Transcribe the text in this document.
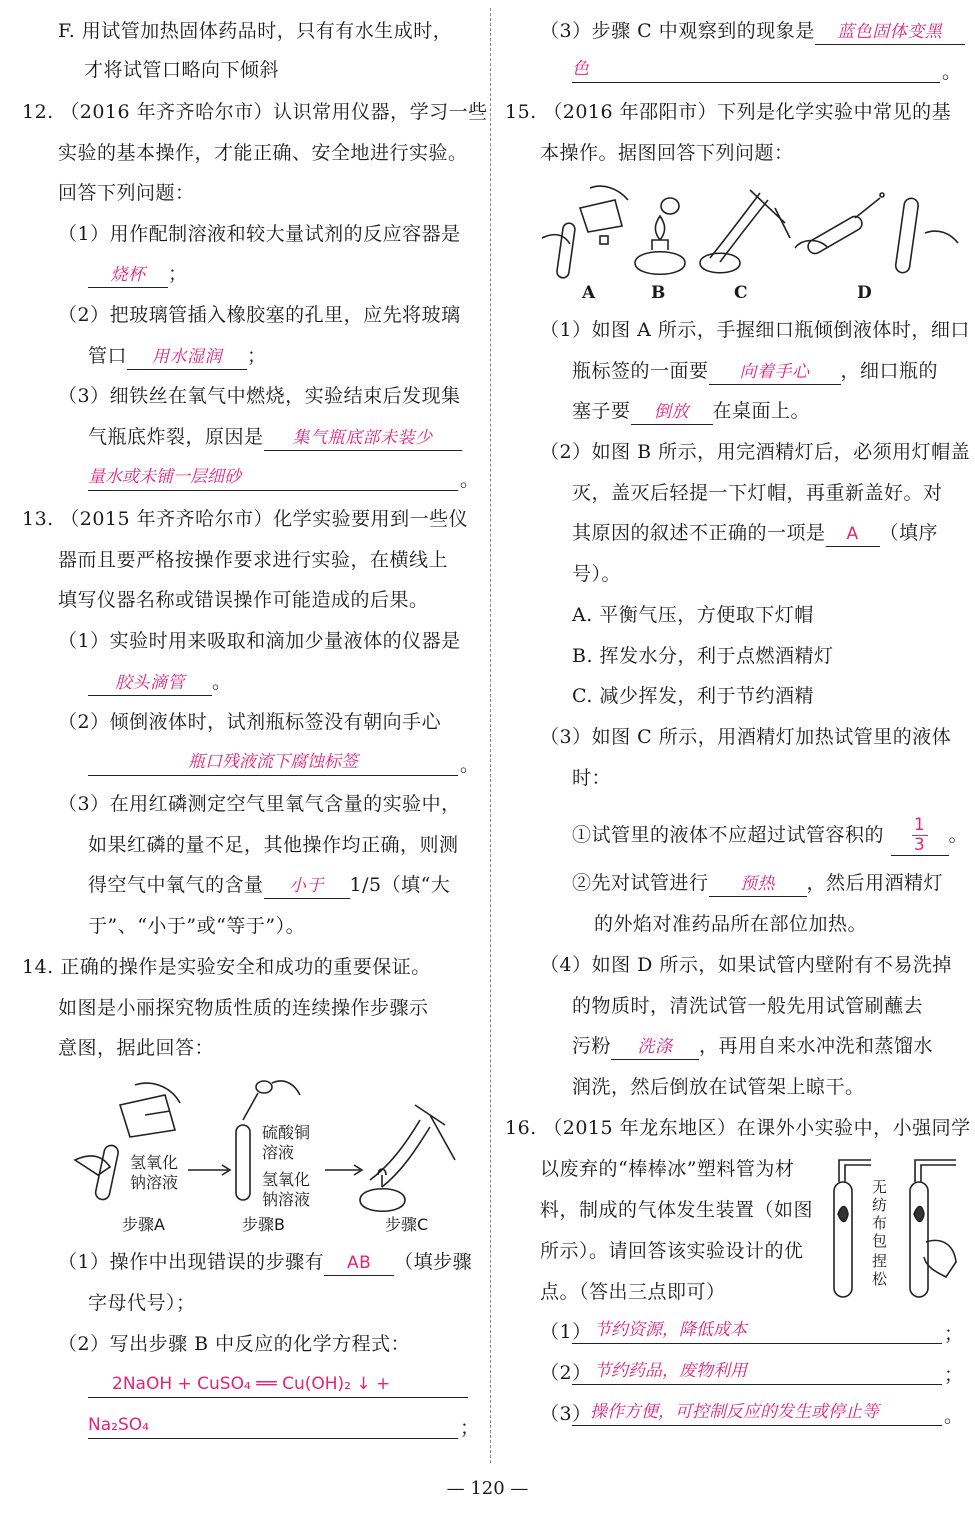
F. 用试管加热固体药品时，只有有水生成时，
才将试管口略向下倾斜
12. （2016 年齐齐哈尔市）认识常用仪器，学习一些
实验的基本操作，才能正确、安全地进行实验。
回答下列问题：
（1）用作配制溶液和较大量试剂的反应容器是
烧杯 ；
（2）把玻璃管插入橡胶塞的孔里，应先将玻璃
管口 用水湿润 ；
（3）细铁丝在氧气中燃烧，实验结束后发现集
气瓶底炸裂，原因是 集气瓶底部未装少
量水或未铺一层细砂	。
13. （2015 年齐齐哈尔市）化学实验要用到一些仪
器而且要严格按操作要求进行实验，在横线上
填写仪器名称或错误操作可能造成的后果。
（1）实验时用来吸取和滴加少量液体的仪器是
胶头滴管 。
（2）倾倒液体时，试剂瓶标签没有朝向手心
瓶口残液流下腐蚀标签	。
（3）在用红磷测定空气里氧气含量的实验中，
如果红磷的量不足，其他操作均正确，则测
得空气中氧气的含量 小于 1/5（填“大
于”、“小于”或“等于”）。
14. 正确的操作是实验安全和成功的重要保证。
如图是小丽探究物质性质的连续操作步骤示
意图，据此回答：
氢氧化
钠溶液
硫酸铜
溶液
氢氧化
钠溶液
步骤A	步骤B	步骤C
（1）操作中出现错误的步骤有 AB （填步骤
字母代号）；
（2）写出步骤 B 中反应的化学方程式：
2NaOH + CuSO₄ ══ Cu(OH)₂ ↓ +
Na₂SO₄	；
（3）步骤 C 中观察到的现象是 蓝色固体变黑
色	。
15. （2016 年邵阳市）下列是化学实验中常见的基
本操作。据图回答下列问题：
A	B	C	D
（1）如图 A 所示，手握细口瓶倾倒液体时，细口
瓶标签的一面要 向着手心 ，细口瓶的
塞子要 倒放 在桌面上。
（2）如图 B 所示，用完酒精灯后，必须用灯帽盖
灭，盖灭后轻提一下灯帽，再重新盖好。对
其原因的叙述不正确的一项是 A （填序
号）。
A. 平衡气压，方便取下灯帽
B. 挥发水分，利于点燃酒精灯
C. 减少挥发，利于节约酒精
（3）如图 C 所示，用酒精灯加热试管里的液体
时：
①试管里的液体不应超过试管容积的 $\frac{1}{3}$ 。
②先对试管进行 预热 ，然后用酒精灯
的外焰对准药品所在部位加热。
（4）如图 D 所示，如果试管内壁附有不易洗掉
的物质时，清洗试管一般先用试管刷蘸去
污粉 洗涤 ，再用自来水冲洗和蒸馏水
润洗，然后倒放在试管架上晾干。
16. （2015 年龙东地区）在课外小实验中，小强同学
以废弃的“棒棒冰”塑料管为材
料，制成的气体发生装置（如图
所示）。请回答该实验设计的优
点。（答出三点即可）
无
纺
布
包
捏
松
（1） 节约资源，降低成本	；
（2） 节约药品，废物利用	；
（3）
操作方便，可控制反应的发生或停止等	。
— 120 —
